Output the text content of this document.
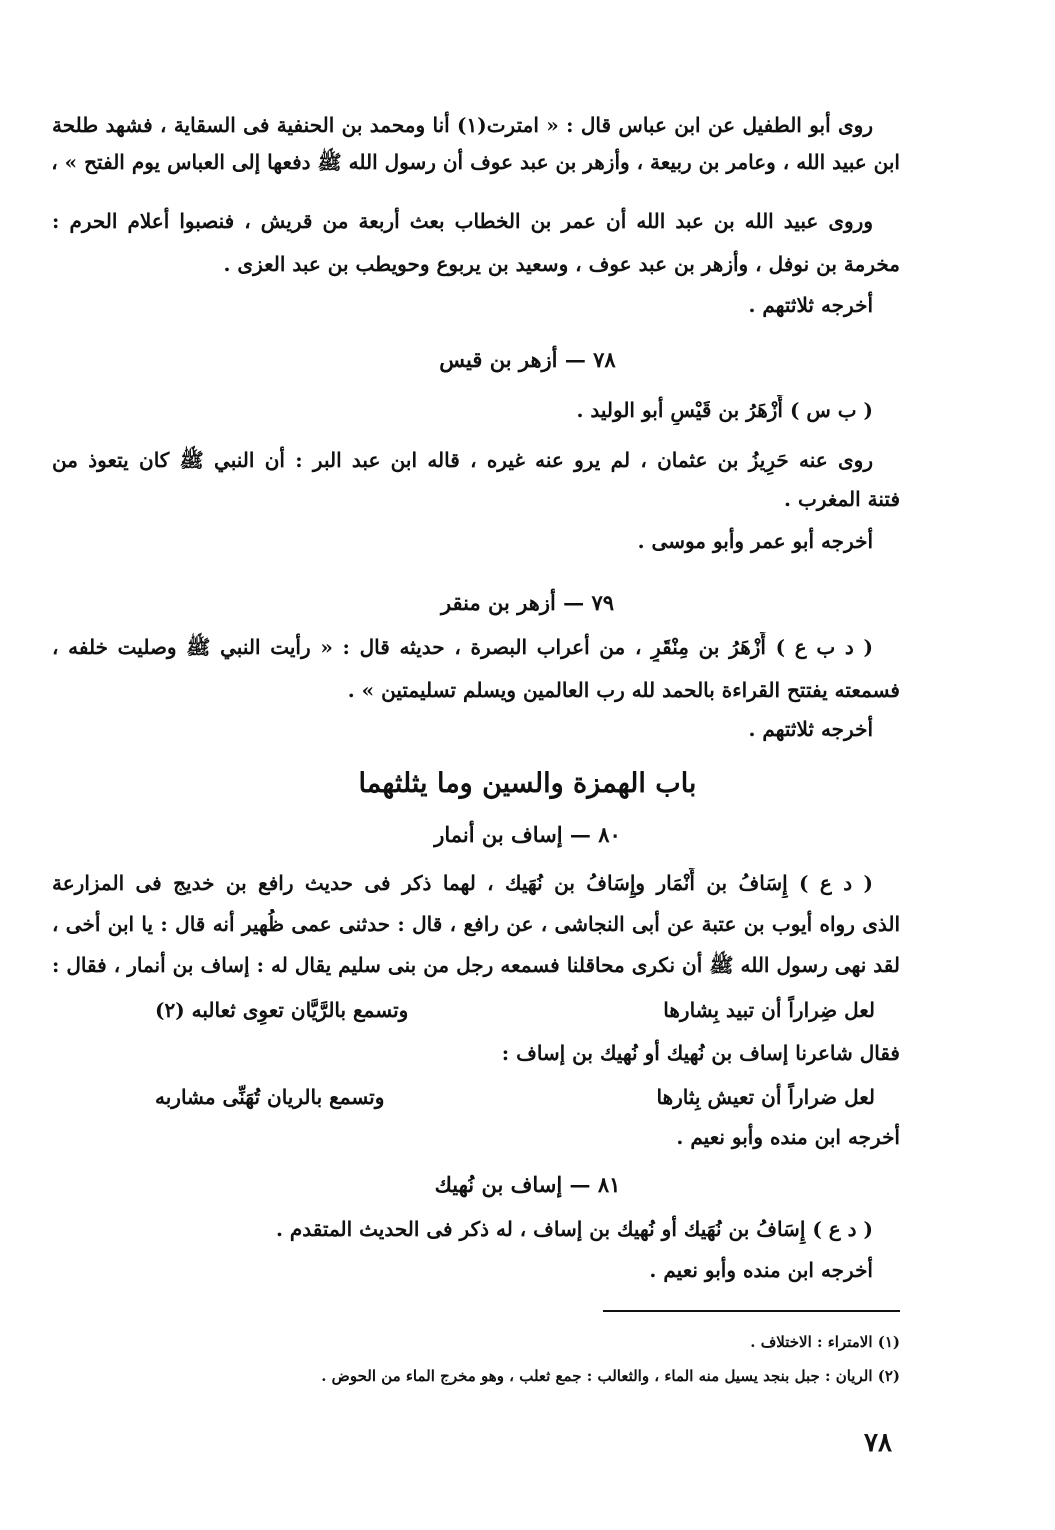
روى أبو الطفيل عن ابن عباس قال : « امترت(١) أنا ومحمد بن الحنفية فى السقاية ، فشهد طلحة
ابن عبيد الله ، وعامر بن ربيعة ، وأزهر بن عبد عوف أن رسول الله ﷺ دفعها إلى العباس يوم الفتح » ،
وروى عبيد الله بن عبد الله أن عمر بن الخطاب بعث أربعة من قريش ، فنصبوا أعلام الحرم :
مخرمة بن نوفل ، وأزهر بن عبد عوف ، وسعيد بن يربوع وحويطب بن عبد العزى .
أخرجه ثلاثتهم .
٧٨ — أزهر بن قيس
( ب س ) أَزْهَرُ بن قَيْسٍ أبو الوليد .
روى عنه حَرِيزُ بن عثمان ، لم يرو عنه غيره ، قاله ابن عبد البر : أن النبي ﷺ كان يتعوذ من
فتنة المغرب .
أخرجه أبو عمر وأبو موسى .
٧٩ — أزهر بن منقر
( د ب ع ) أَزْهَرُ بن مِنْقَرٍ ، من أعراب البصرة ، حديثه قال : « رأيت النبي ﷺ وصليت خلفه ،
فسمعته يفتتح القراءة بالحمد لله رب العالمين ويسلم تسليمتين » .
أخرجه ثلاثتهم .
باب الهمزة والسين وما يثلثهما
٨٠ — إساف بن أنمار
( د ع ) إِسَافُ بن أَنْمَار وإِسَافُ بن نُهَيك ، لهما ذكر فى حديث رافع بن خديج فى المزارعة
الذى رواه أيوب بن عتبة عن أبى النجاشى ، عن رافع ، قال : حدثنى عمى ظُهير أنه قال : يا ابن أخى ،
لقد نهى رسول الله ﷺ أن نكرى محاقلنا فسمعه رجل من بنى سليم يقال له : إساف بن أنمار ، فقال :
لعل ضِراراً أن تبيد بِشارها
وتسمع بالرَّيَّان تعوِى ثعالبه (٢)
فقال شاعرنا إساف بن نُهيك أو نُهيك بن إساف :
لعل ضراراً أن تعيش بِثارها
وتسمع بالريان تُهَنِّى مشاربه
أخرجه ابن منده وأبو نعيم .
٨١ — إساف بن نُهيك
( د ع ) إِسَافُ بن نُهَيك أو نُهيك بن إساف ، له ذكر فى الحديث المتقدم .
أخرجه ابن منده وأبو نعيم .
(١) الامتراء : الاختلاف .
(٢) الريان : جبل بنجد يسيل منه الماء ، والثعالب : جمع ثعلب ، وهو مخرج الماء من الحوض .
٧٨
